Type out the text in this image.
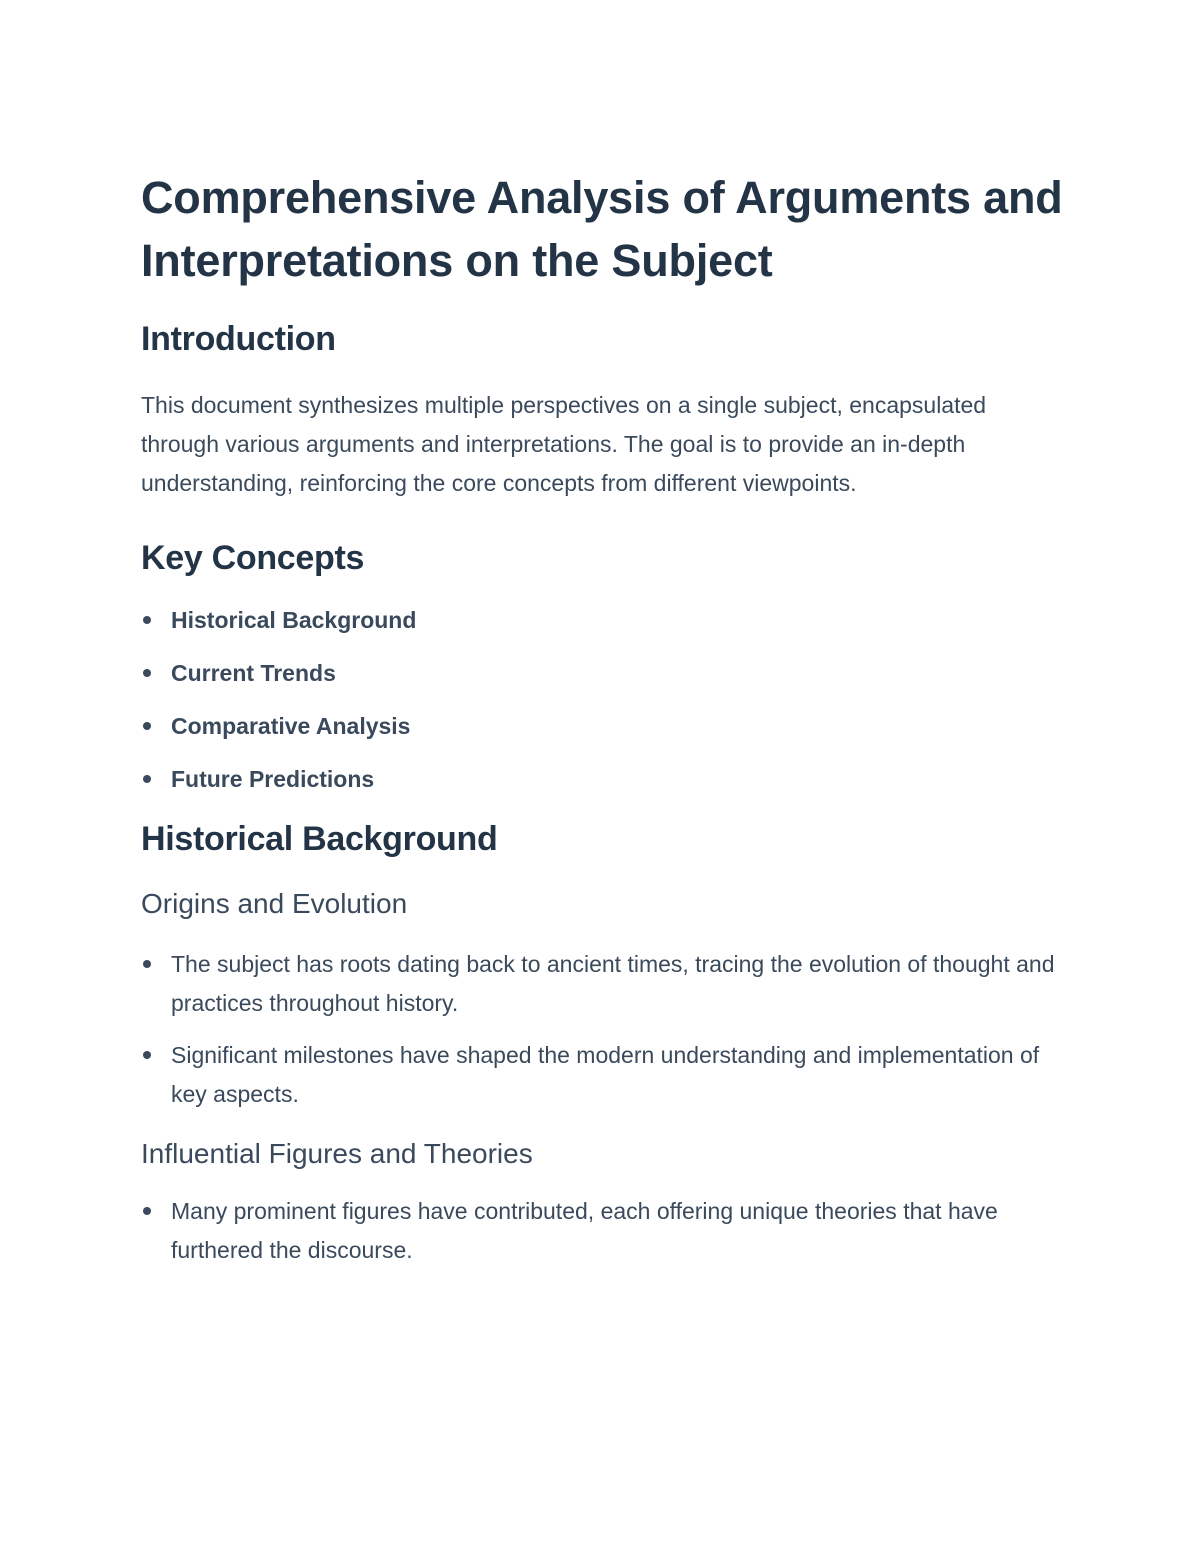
Comprehensive Analysis of Arguments and Interpretations on the Subject
Introduction

This document synthesizes multiple perspectives on a single subject, encapsulated through various arguments and interpretations. The goal is to provide an in-depth understanding, reinforcing the core concepts from different viewpoints.

Key Concepts
Historical Background
Current Trends
Comparative Analysis
Future Predictions
Historical Background
Origins and Evolution
The subject has roots dating back to ancient times, tracing the evolution of thought and practices throughout history.
Significant milestones have shaped the modern understanding and implementation of key aspects.
Influential Figures and Theories
Many prominent figures have contributed, each offering unique theories that have furthered the discourse.
